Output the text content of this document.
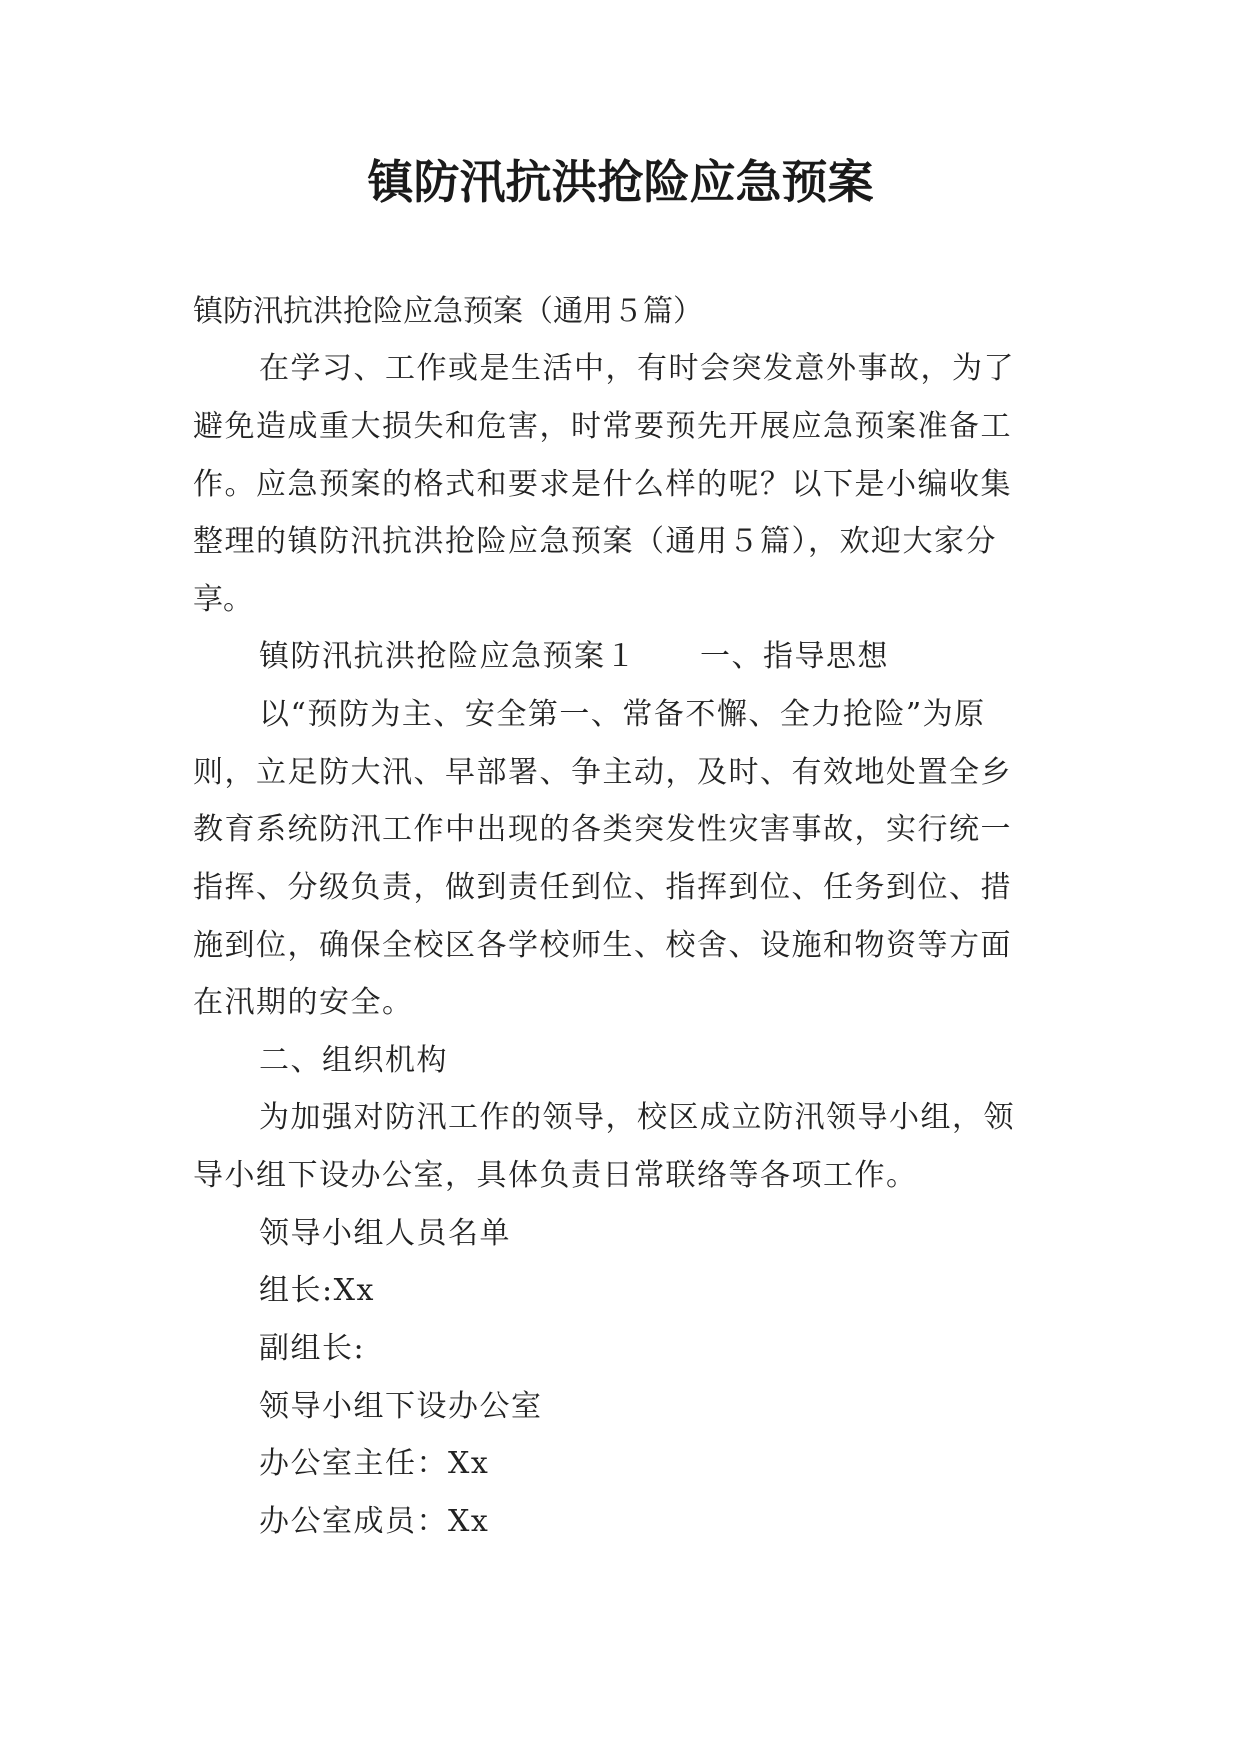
镇防汛抗洪抢险应急预案
镇防汛抗洪抢险应急预案（通用５篇）
在学习、工作或是生活中，有时会突发意外事故，为了
避免造成重大损失和危害，时常要预先开展应急预案准备工
作。应急预案的格式和要求是什么样的呢？以下是小编收集
整理的镇防汛抗洪抢险应急预案（通用５篇），欢迎大家分
享。
镇防汛抗洪抢险应急预案１　　一、指导思想
以“预防为主、安全第一、常备不懈、全力抢险”为原
则，立足防大汛、早部署、争主动，及时、有效地处置全乡
教育系统防汛工作中出现的各类突发性灾害事故，实行统一
指挥、分级负责，做到责任到位、指挥到位、任务到位、措
施到位，确保全校区各学校师生、校舍、设施和物资等方面
在汛期的安全。
二、组织机构
为加强对防汛工作的领导，校区成立防汛领导小组，领
导小组下设办公室，具体负责日常联络等各项工作。
领导小组人员名单
组长:Xx
副组长:
领导小组下设办公室
办公室主任：Xx
办公室成员：Xx
